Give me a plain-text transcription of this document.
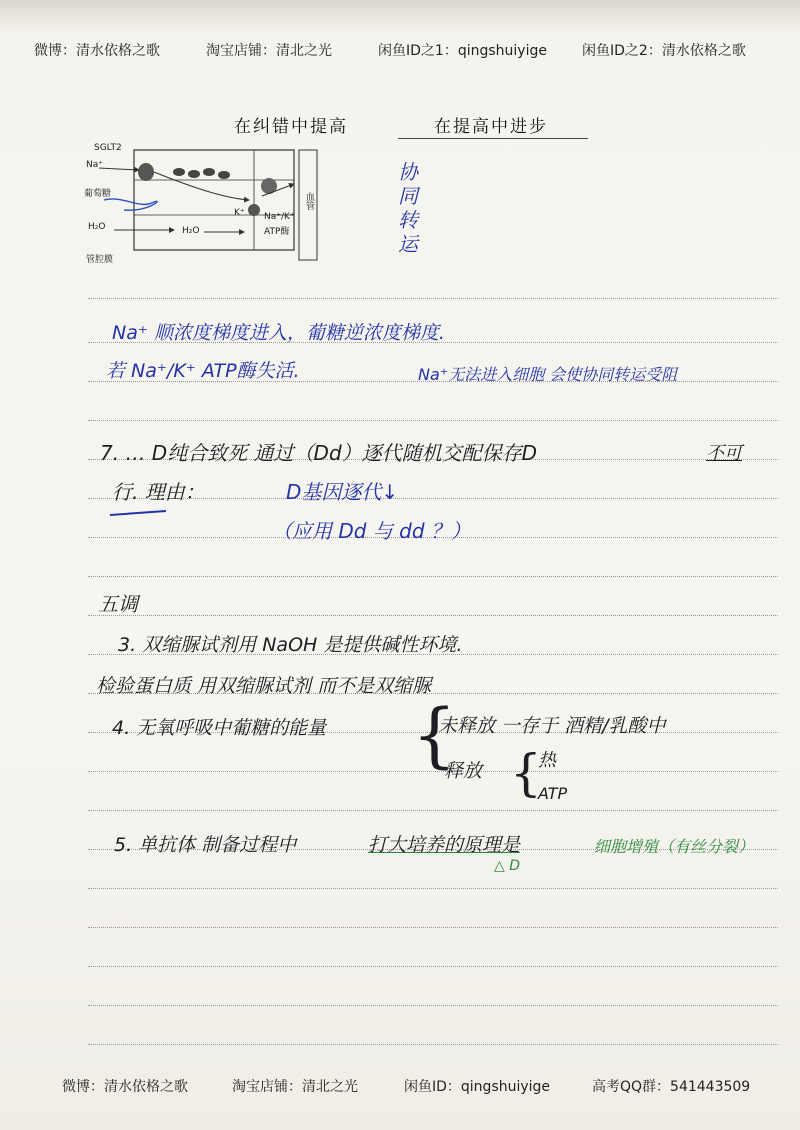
微博：清水依格之歌	淘宝店铺：清北之光	闲鱼ID之1：qingshuiyige	闲鱼ID之2：清水依格之歌
在纠错中提高	在提高中进步
SGLT2
Na⁺
葡萄糖
H₂O	H₂O
K⁺ Na⁺/K⁺
ATP酶
管腔膜
血管
协
同
转
运
Na⁺ 顺浓度梯度进入，葡糖逆浓度梯度.
若 Na⁺/K⁺ ATP酶失活.	Na⁺无法进入细胞 会使协同转运受阻
7. … D纯合致死 通过（Dd）逐代随机交配保存D	不可
行. 理由：	D基因逐代↓
（应用 Dd 与 dd ？）
五调
3. 双缩脲试剂用 NaOH 是提供碱性环境.
检验蛋白质 用双缩脲试剂 而不是双缩脲
4. 无氧呼吸中葡糖的能量 {
未释放 一存于 酒精/乳酸中
释放 {
热
ATP
5. 单抗体 制备过程中	打大培养的原理是	细胞增殖（有丝分裂）
△ D
微博：清水依格之歌	淘宝店铺：清北之光	闲鱼ID：qingshuiyige	高考QQ群：541443509
